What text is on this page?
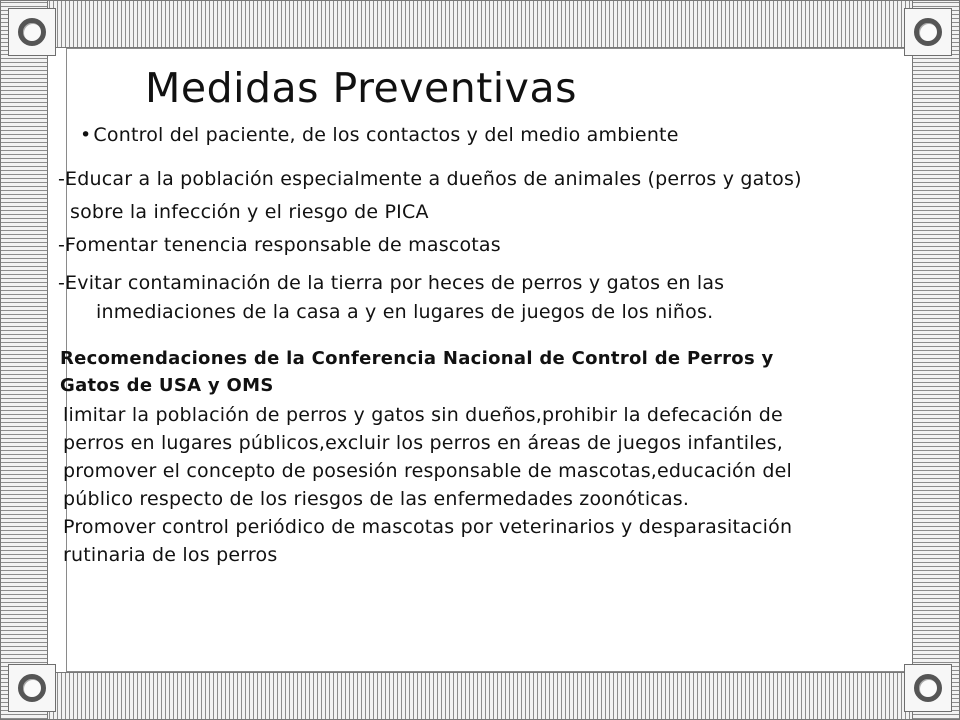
Medidas Preventivas
• Control del paciente, de los contactos y del medio ambiente
-Educar a la población especialmente a dueños de animales (perros y gatos)
sobre la infección y el riesgo de PICA
-Fomentar tenencia responsable de mascotas
-Evitar contaminación de la tierra por heces de perros y gatos en las
inmediaciones de la casa a y en lugares de juegos de los niños.
Recomendaciones de la Conferencia Nacional de Control de Perros y
Gatos de USA y OMS
limitar la población de perros y gatos sin dueños,prohibir la defecación de
perros en lugares públicos,excluir los perros en áreas de juegos infantiles,
promover el concepto de posesión responsable de mascotas,educación del
público respecto de los riesgos de las enfermedades zoonóticas.
Promover control periódico de mascotas por veterinarios y desparasitación
rutinaria de los perros
